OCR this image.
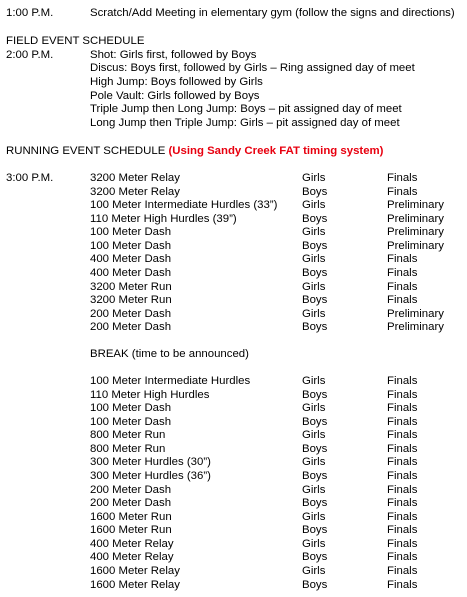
1:00 P.M.	Scratch/Add Meeting in elementary gym (follow the signs and directions)
FIELD EVENT SCHEDULE
2:00 P.M.	Shot: Girls first, followed by Boys
Discus: Boys first, followed by Girls – Ring assigned day of meet
High Jump: Boys followed by Girls
Pole Vault: Girls followed by Boys
Triple Jump then Long Jump: Boys – pit assigned day of meet
Long Jump then Triple Jump: Girls – pit assigned day of meet
RUNNING EVENT SCHEDULE (Using Sandy Creek FAT timing system)
3:00 P.M.	3200 Meter Relay	Girls	Finals
3200 Meter Relay	Boys	Finals
100 Meter Intermediate Hurdles (33”) Girls	Preliminary
110 Meter High Hurdles (39”)	Boys	Preliminary
100 Meter Dash	Girls	Preliminary
100 Meter Dash	Boys	Preliminary
400 Meter Dash	Girls	Finals
400 Meter Dash	Boys	Finals
3200 Meter Run	Girls	Finals
3200 Meter Run	Boys	Finals
200 Meter Dash	Girls	Preliminary
200 Meter Dash	Boys	Preliminary
BREAK (time to be announced)
100 Meter Intermediate Hurdles	Girls	Finals
110 Meter High Hurdles	Boys	Finals
100 Meter Dash	Girls	Finals
100 Meter Dash	Boys	Finals
800 Meter Run	Girls	Finals
800 Meter Run	Boys	Finals
300 Meter Hurdles (30”)	Girls	Finals
300 Meter Hurdles (36”)	Boys	Finals
200 Meter Dash	Girls	Finals
200 Meter Dash	Boys	Finals
1600 Meter Run	Girls	Finals
1600 Meter Run	Boys	Finals
400 Meter Relay	Girls	Finals
400 Meter Relay	Boys	Finals
1600 Meter Relay	Girls	Finals
1600 Meter Relay	Boys	Finals
